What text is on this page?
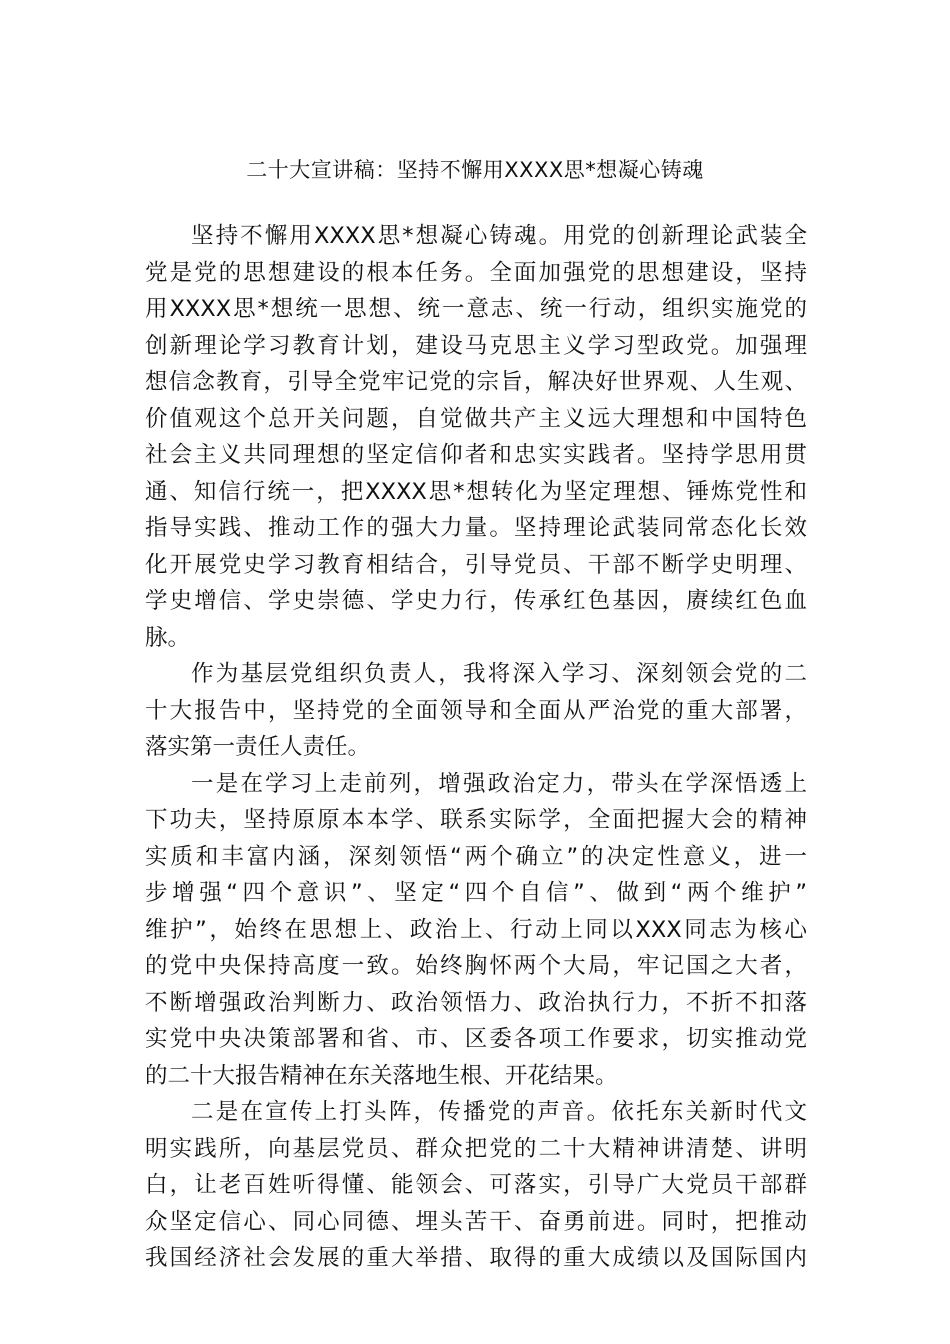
二十大宣讲稿：坚持不懈用XXXX思*想凝心铸魂
坚持不懈用XXXX思*想凝心铸魂。用党的创新理论武装全
党是党的思想建设的根本任务。全面加强党的思想建设，坚持
用XXXX思*想统一思想、统一意志、统一行动，组织实施党的
创新理论学习教育计划，建设马克思主义学习型政党。加强理
想信念教育，引导全党牢记党的宗旨，解决好世界观、人生观、
价值观这个总开关问题，自觉做共产主义远大理想和中国特色
社会主义共同理想的坚定信仰者和忠实实践者。坚持学思用贯
通、知信行统一，把XXXX思*想转化为坚定理想、锤炼党性和
指导实践、推动工作的强大力量。坚持理论武装同常态化长效
化开展党史学习教育相结合，引导党员、干部不断学史明理、
学史增信、学史崇德、学史力行，传承红色基因，赓续红色血
脉。
作为基层党组织负责人，我将深入学习、深刻领会党的二
十大报告中，坚持党的全面领导和全面从严治党的重大部署，
落实第一责任人责任。
一是在学习上走前列，增强政治定力，带头在学深悟透上
下功夫，坚持原原本本学、联系实际学，全面把握大会的精神
实质和丰富内涵，深刻领悟“两个确立”的决定性意义，进一
步增强“四个意识”、坚定“四个自信”、做到“两个维护”
维护”，始终在思想上、政治上、行动上同以XXX同志为核心
的党中央保持高度一致。始终胸怀两个大局，牢记国之大者，
不断增强政治判断力、政治领悟力、政治执行力，不折不扣落
实党中央决策部署和省、市、区委各项工作要求，切实推动党
的二十大报告精神在东关落地生根、开花结果。
二是在宣传上打头阵，传播党的声音。依托东关新时代文
明实践所，向基层党员、群众把党的二十大精神讲清楚、讲明
白，让老百姓听得懂、能领会、可落实，引导广大党员干部群
众坚定信心、同心同德、埋头苦干、奋勇前进。同时，把推动
我国经济社会发展的重大举措、取得的重大成绩以及国际国内
